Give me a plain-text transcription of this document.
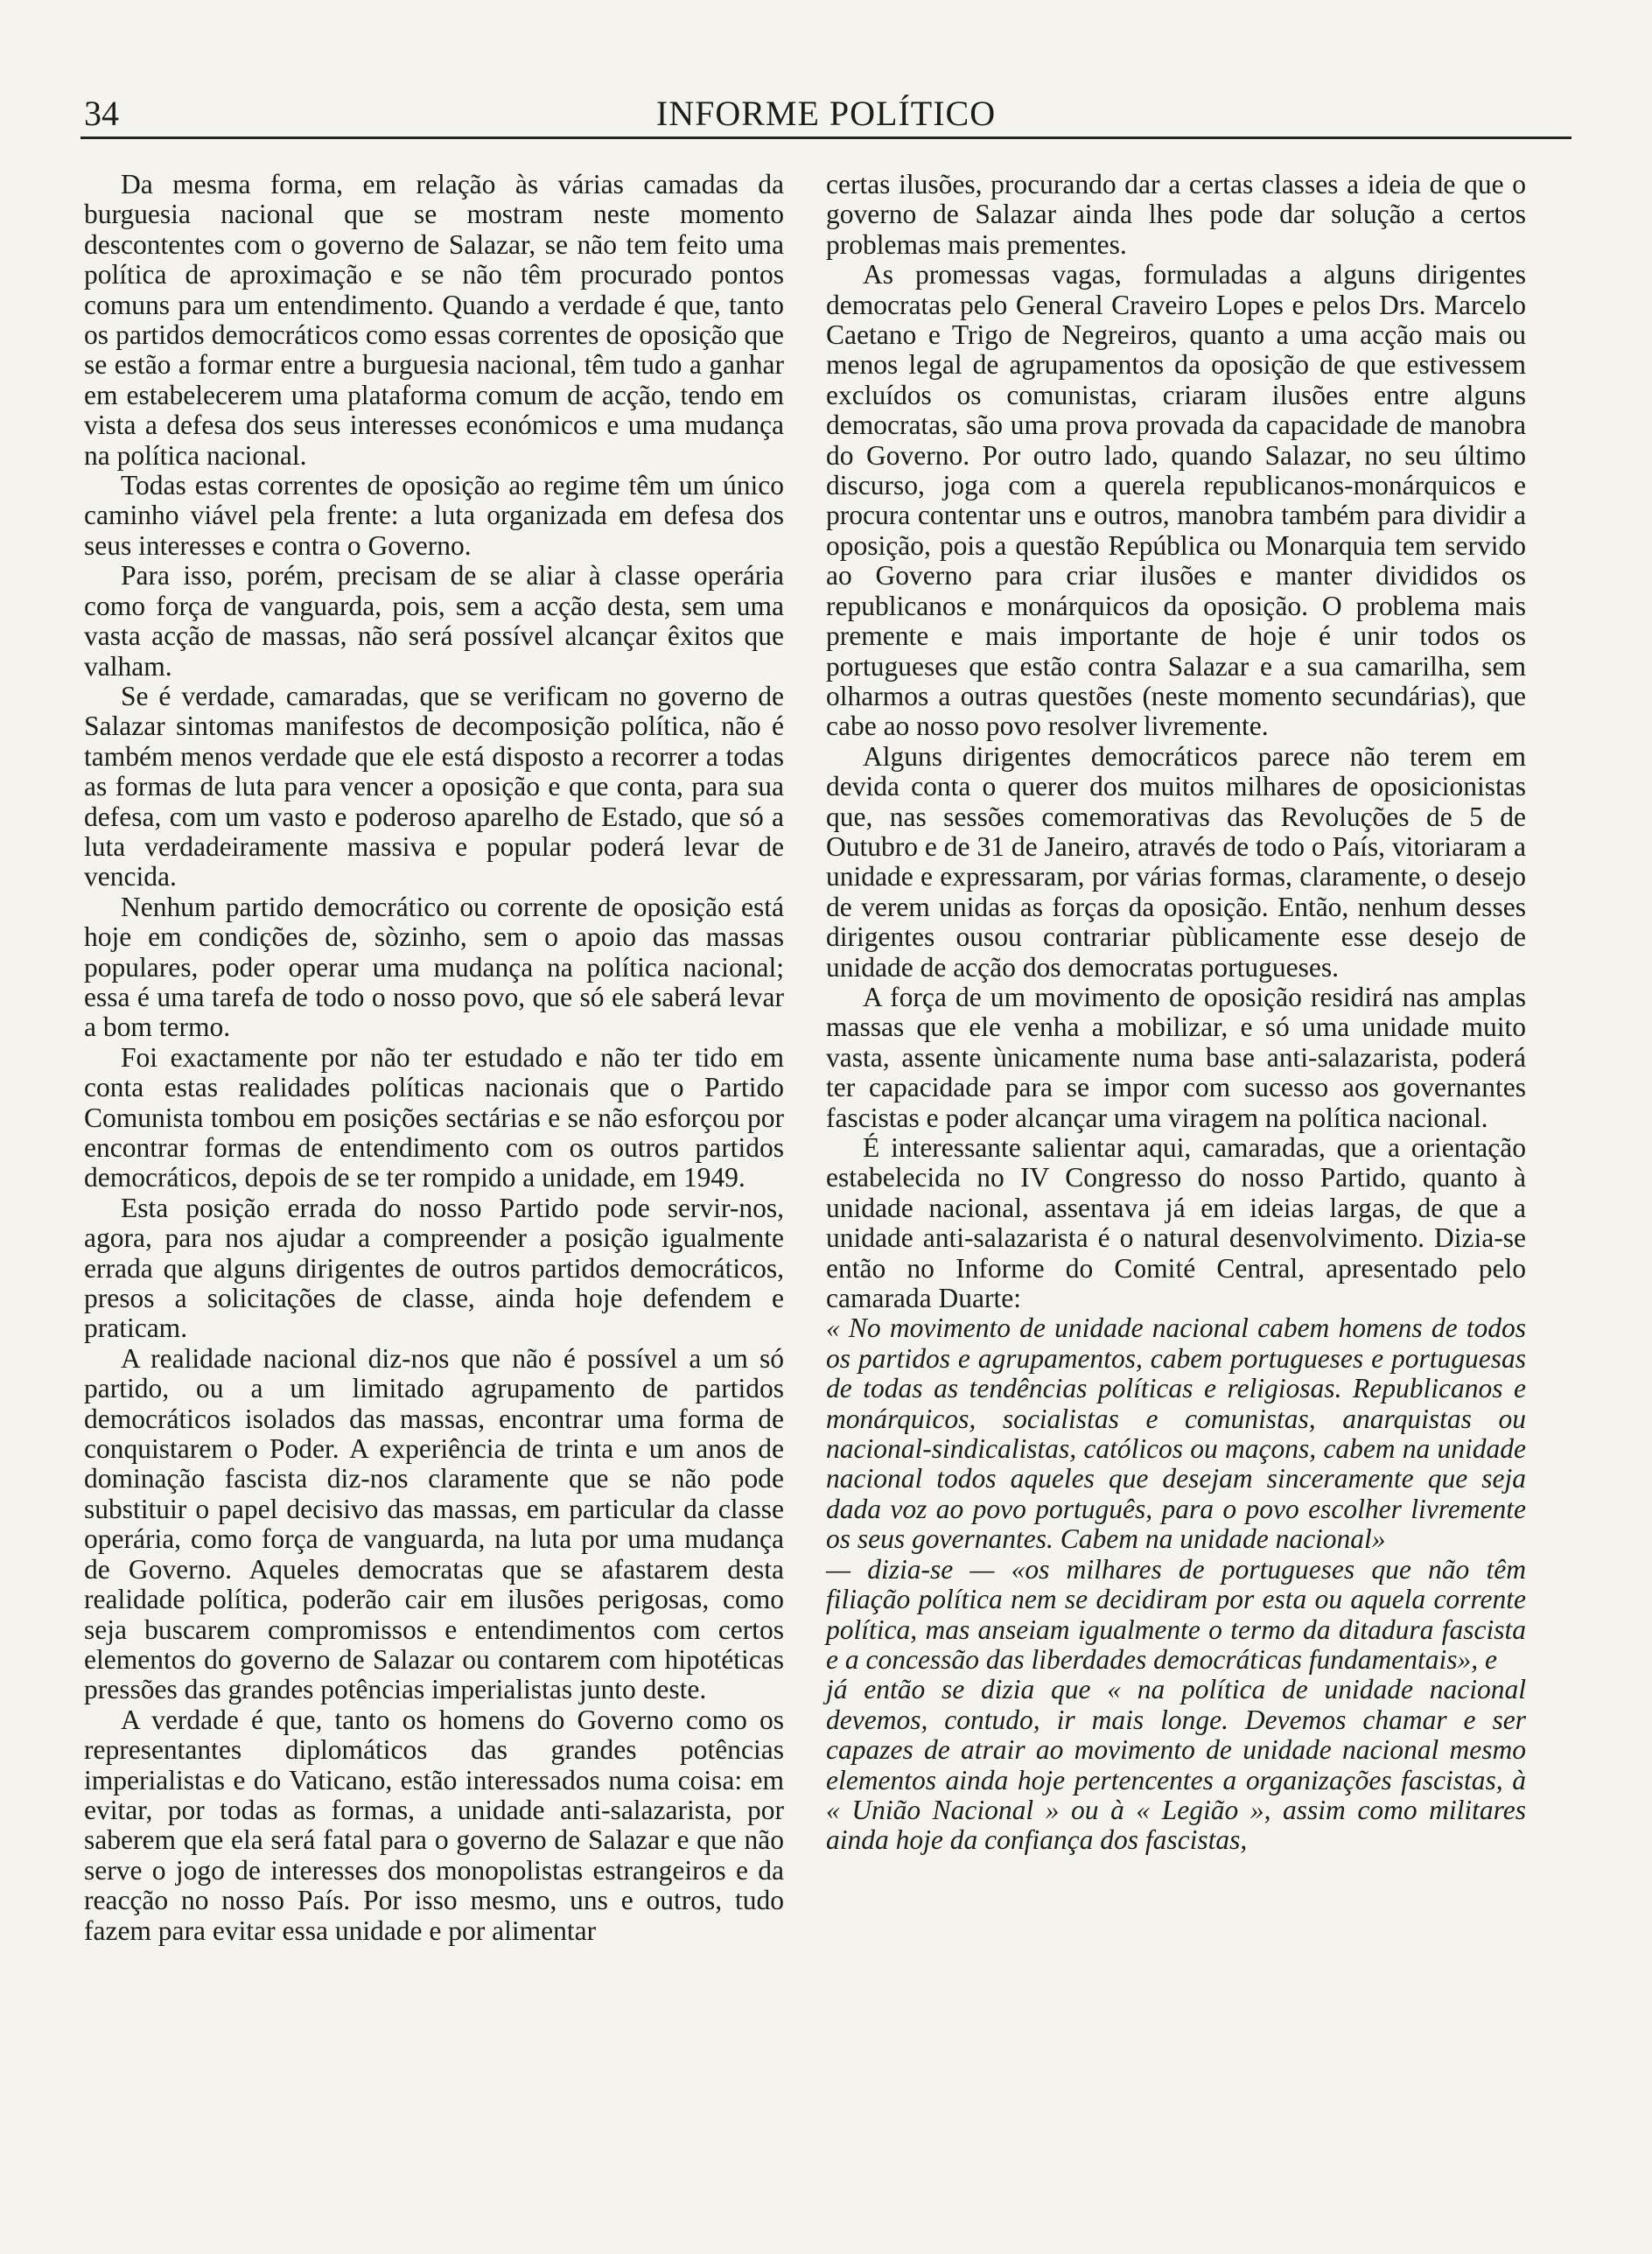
34	INFORME POLÍTICO

Da mesma forma, em relação às várias camadas da burguesia nacional que se mostram neste momento descontentes com o governo de Salazar, se não tem feito uma política de aproximação e se não têm procurado pontos comuns para um entendimento. Quando a verdade é que, tanto os partidos democráticos como essas correntes de oposição que se estão a formar entre a burguesia nacional, têm tudo a ganhar em estabelecerem uma plataforma comum de acção, tendo em vista a defesa dos seus interesses económicos e uma mudança na política nacional.

Todas estas correntes de oposição ao regime têm um único caminho viável pela frente: a luta organizada em defesa dos seus interesses e contra o Governo.

Para isso, porém, precisam de se aliar à classe operária como força de vanguarda, pois, sem a acção desta, sem uma vasta acção de massas, não será possível alcançar êxitos que valham.

Se é verdade, camaradas, que se verificam no governo de Salazar sintomas manifestos de decomposição política, não é também menos verdade que ele está disposto a recorrer a todas as formas de luta para vencer a oposição e que conta, para sua defesa, com um vasto e poderoso aparelho de Estado, que só a luta verdadeiramente massiva e popular poderá levar de vencida.

Nenhum partido democrático ou corrente de oposição está hoje em condições de, sòzinho, sem o apoio das massas populares, poder operar uma mudança na política nacional; essa é uma tarefa de todo o nosso povo, que só ele saberá levar a bom termo.

Foi exactamente por não ter estudado e não ter tido em conta estas realidades políticas nacionais que o Partido Comunista tombou em posições sectárias e se não esforçou por encontrar formas de entendimento com os outros partidos democráticos, depois de se ter rompido a unidade, em 1949.

Esta posição errada do nosso Partido pode servir-nos, agora, para nos ajudar a compreender a posição igualmente errada que alguns dirigentes de outros partidos democráticos, presos a solicitações de classe, ainda hoje defendem e praticam.

A realidade nacional diz-nos que não é possível a um só partido, ou a um limitado agrupamento de partidos democráticos isolados das massas, encontrar uma forma de conquistarem o Poder. A experiência de trinta e um anos de dominação fascista diz-nos claramente que se não pode substituir o papel decisivo das massas, em particular da classe operária, como força de vanguarda, na luta por uma mudança de Governo. Aqueles democratas que se afastarem desta realidade política, poderão cair em ilusões perigosas, como seja buscarem compromissos e entendimentos com certos elementos do governo de Salazar ou contarem com hipotéticas pressões das grandes potências imperialistas junto deste.

A verdade é que, tanto os homens do Governo como os representantes diplomáticos das grandes potências imperialistas e do Vaticano, estão interessados numa coisa: em evitar, por todas as formas, a unidade anti-salazarista, por saberem que ela será fatal para o governo de Salazar e que não serve o jogo de interesses dos monopolistas estrangeiros e da reacção no nosso País. Por isso mesmo, uns e outros, tudo fazem para evitar essa unidade e por alimentar

certas ilusões, procurando dar a certas classes a ideia de que o governo de Salazar ainda lhes pode dar solução a certos problemas mais prementes.

As promessas vagas, formuladas a alguns dirigentes democratas pelo General Craveiro Lopes e pelos Drs. Marcelo Caetano e Trigo de Negreiros, quanto a uma acção mais ou menos legal de agrupamentos da oposição de que estivessem excluídos os comunistas, criaram ilusões entre alguns democratas, são uma prova provada da capacidade de manobra do Governo. Por outro lado, quando Salazar, no seu último discurso, joga com a querela republicanos-monárquicos e procura contentar uns e outros, manobra também para dividir a oposição, pois a questão República ou Monarquia tem servido ao Governo para criar ilusões e manter divididos os republicanos e monárquicos da oposição. O problema mais premente e mais importante de hoje é unir todos os portugueses que estão contra Salazar e a sua camarilha, sem olharmos a outras questões (neste momento secundárias), que cabe ao nosso povo resolver livremente.

Alguns dirigentes democráticos parece não terem em devida conta o querer dos muitos milhares de oposicionistas que, nas sessões comemorativas das Revoluções de 5 de Outubro e de 31 de Janeiro, através de todo o País, vitoriaram a unidade e expressaram, por várias formas, claramente, o desejo de verem unidas as forças da oposição. Então, nenhum desses dirigentes ousou contrariar pùblicamente esse desejo de unidade de acção dos democratas portugueses.

A força de um movimento de oposição residirá nas amplas massas que ele venha a mobilizar, e só uma unidade muito vasta, assente ùnicamente numa base anti-salazarista, poderá ter capacidade para se impor com sucesso aos governantes fascistas e poder alcançar uma viragem na política nacional.

É interessante salientar aqui, camaradas, que a orientação estabelecida no IV Congresso do nosso Partido, quanto à unidade nacional, assentava já em ideias largas, de que a unidade anti-salazarista é o natural desenvolvimento. Dizia-se então no Informe do Comité Central, apresentado pelo camarada Duarte:

« No movimento de unidade nacional cabem homens de todos os partidos e agrupamentos, cabem portugueses e portuguesas de todas as tendências políticas e religiosas. Republicanos e monárquicos, socialistas e comunistas, anarquistas ou nacional-sindicalistas, católicos ou maçons, cabem na unidade nacional todos aqueles que desejam sinceramente que seja dada voz ao povo português, para o povo escolher livremente os seus governantes. Cabem na unidade nacional»

— dizia-se — «os milhares de portugueses que não têm filiação política nem se decidiram por esta ou aquela corrente política, mas anseiam igualmente o termo da ditadura fascista e a concessão das liberdades democráticas fundamentais», e

já então se dizia que « na política de unidade nacional devemos, contudo, ir mais longe. Devemos chamar e ser capazes de atrair ao movimento de unidade nacional mesmo elementos ainda hoje pertencentes a organizações fascistas, à « União Nacional » ou à « Legião », assim como militares ainda hoje da confiança dos fascistas,
